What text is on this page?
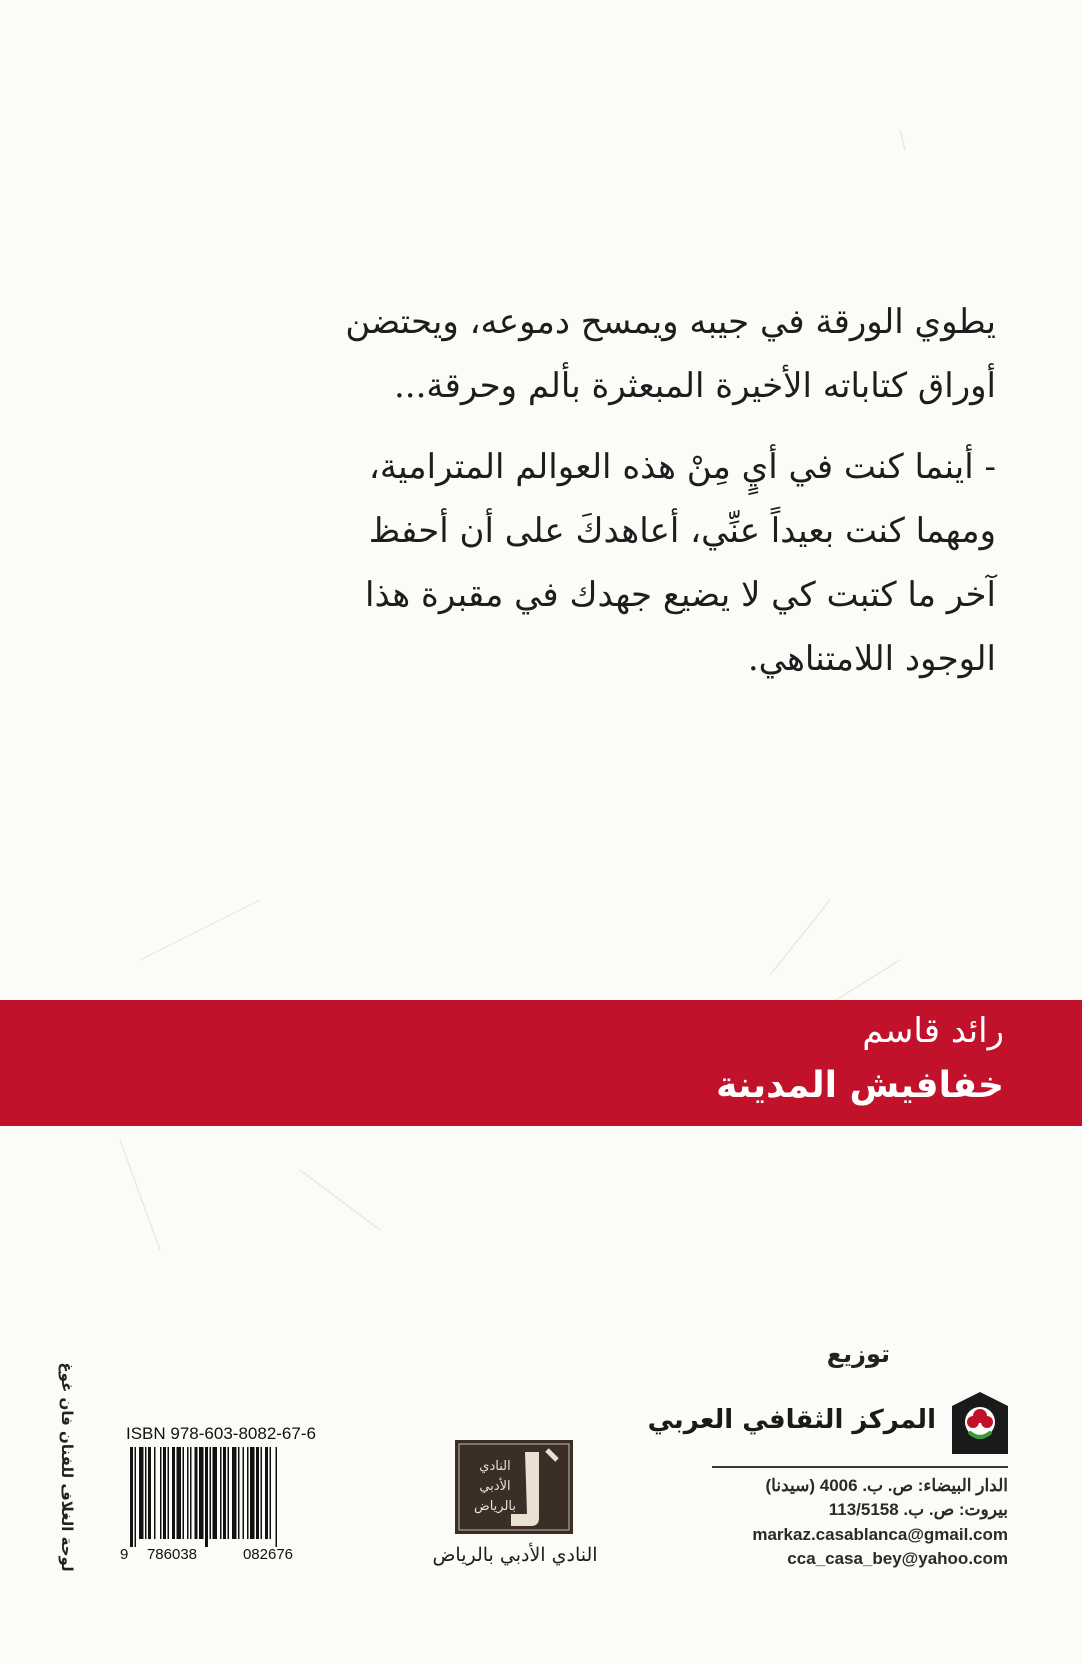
النادي
الأدبي
بالرياض
9 786038	082676

يطوي الورقة في جيبه ويمسح دموعه، ويحتضن أوراق كتاباته الأخيرة المبعثرة بألم وحرقة...

- أينما كنت في أيٍ مِنْ هذه العوالم المترامية، ومهما كنت بعيداً عنِّي، أعاهدكَ على أن أحفظ آخر ما كتبت كي لا يضيع جهدك في مقبرة هذا الوجود اللامتناهي.

رائد قاسم
خفافيش المدينة
توزيع
المركز الثقافي العربي
الدار البيضاء: ص. ب. 4006 (سيدنا)
بيروت: ص. ب. 113/5158
markaz.casablanca@gmail.com
cca_casa_bey@yahoo.com
النادي الأدبي بالرياض
ISBN 978-603-8082-67-6
لوحة الغلاف للفنان فان غوغ
